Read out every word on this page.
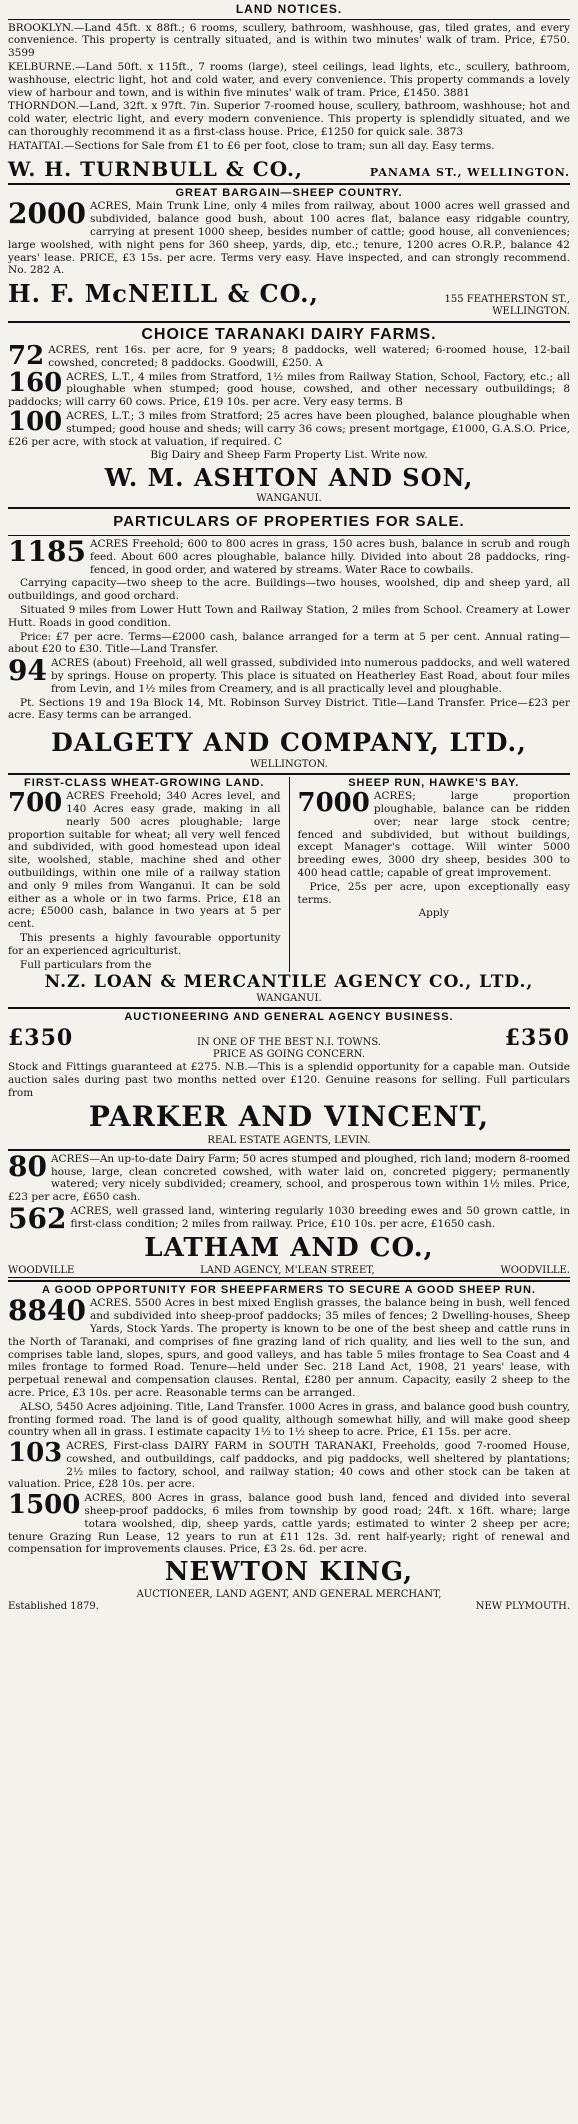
LAND NOTICES.

BROOKLYN.—Land 45ft. x 88ft.; 6 rooms, scullery, bathroom, washhouse, gas, tiled grates, and every convenience. This property is centrally situated, and is within two minutes' walk of tram. Price, £750. 3599

KELBURNE.—Land 50ft. x 115ft., 7 rooms (large), steel ceilings, lead lights, etc., scullery, bathroom, washhouse, electric light, hot and cold water, and every convenience. This property commands a lovely view of harbour and town, and is within five minutes' walk of tram. Price, £1450. 3881

THORNDON.—Land, 32ft. x 97ft. 7in. Superior 7-roomed house, scullery, bathroom, washhouse; hot and cold water, electric light, and every modern convenience. This property is splendidly situated, and we can thoroughly recommend it as a first-class house. Price, £1250 for quick sale. 3873

HATAITAI.—Sections for Sale from £1 to £6 per foot, close to tram; sun all day. Easy terms.

W. H. TURNBULL & CO.,	PANAMA ST., WELLINGTON.
GREAT BARGAIN—SHEEP COUNTRY.
2000 ACRES, Main Trunk Line, only 4 miles from railway, about 1000 acres well grassed and subdivided, balance good bush, about 100 acres flat, balance easy ridgable country, carrying at present 1000 sheep, besides number of cattle; good house, all conveniences; large woolshed, with night pens for 360 sheep, yards, dip, etc.; tenure, 1200 acres O.R.P., balance 42 years' lease. PRICE, £3 15s. per acre. Terms very easy. Have inspected, and can strongly recommend. No. 282 A.

H. F. McNEILL & CO.,	155 FEATHERSTON ST.,
WELLINGTON.
CHOICE TARANAKI DAIRY FARMS.
72 ACRES, rent 16s. per acre, for 9 years; 8 paddocks, well watered; 6-roomed house, 12-bail cowshed, concreted; 8 paddocks. Goodwill, £250. A

160 ACRES, L.T., 4 miles from Stratford, 1½ miles from Railway Station, School, Factory, etc.; all ploughable when stumped; good house, cowshed, and other necessary outbuildings; 8 paddocks; will carry 60 cows. Price, £19 10s. per acre. Very easy terms. B

100 ACRES, L.T.; 3 miles from Stratford; 25 acres have been ploughed, balance ploughable when stumped; good house and sheds; will carry 36 cows; present mortgage, £1000, G.A.S.O. Price, £26 per acre, with stock at valuation, if required. C

Big Dairy and Sheep Farm Property List. Write now.

W. M. ASHTON AND SON,
WANGANUI.
PARTICULARS OF PROPERTIES FOR SALE.
1185 ACRES Freehold; 600 to 800 acres in grass, 150 acres bush, balance in scrub and rough feed. About 600 acres ploughable, balance hilly. Divided into about 28 paddocks, ring-fenced, in good order, and watered by streams. Water Race to cowbails.

Carrying capacity—two sheep to the acre. Buildings—two houses, woolshed, dip and sheep yard, all outbuildings, and good orchard.

Situated 9 miles from Lower Hutt Town and Railway Station, 2 miles from School. Creamery at Lower Hutt. Roads in good condition.

Price: £7 per acre. Terms—£2000 cash, balance arranged for a term at 5 per cent. Annual rating—about £20 to £30. Title—Land Transfer.

94 ACRES (about) Freehold, all well grassed, subdivided into numerous paddocks, and well watered by springs. House on property. This place is situated on Heatherley East Road, about four miles from Levin, and 1½ miles from Creamery, and is all practically level and ploughable.

Pt. Sections 19 and 19a Block 14, Mt. Robinson Survey District. Title—Land Transfer. Price—£23 per acre. Easy terms can be arranged.

DALGETY AND COMPANY, LTD.,
WELLINGTON.
FIRST-CLASS WHEAT-GROWING LAND.
700 ACRES Freehold; 340 Acres level, and 140 Acres easy grade, making in all nearly 500 acres ploughable; large proportion suitable for wheat; all very well fenced and subdivided, with good homestead upon ideal site, woolshed, stable, machine shed and other outbuildings, within one mile of a railway station and only 9 miles from Wanganui. It can be sold either as a whole or in two farms. Price, £18 an acre; £5000 cash, balance in two years at 5 per cent.

This presents a highly favourable opportunity for an experienced agriculturist.

Full particulars from the

SHEEP RUN, HAWKE'S BAY.
7000 ACRES; large proportion ploughable, balance can be ridden over; near large stock centre; fenced and subdivided, but without buildings, except Manager's cottage. Will winter 5000 breeding ewes, 3000 dry sheep, besides 300 to 400 head cattle; capable of great improvement.

Price, 25s per acre, upon exceptionally easy terms.

Apply

N.Z. LOAN & MERCANTILE AGENCY CO., LTD.,
WANGANUI.
AUCTIONEERING AND GENERAL AGENCY BUSINESS.
£350	IN ONE OF THE BEST N.I. TOWNS.
PRICE AS GOING CONCERN.
£350

Stock and Fittings guaranteed at £275. N.B.—This is a splendid opportunity for a capable man. Outside auction sales during past two months netted over £120. Genuine reasons for selling. Full particulars from

PARKER AND VINCENT,
REAL ESTATE AGENTS, LEVIN.
80 ACRES—An up-to-date Dairy Farm; 50 acres stumped and ploughed, rich land; modern 8-roomed house, large, clean concreted cowshed, with water laid on, concreted piggery; permanently watered; very nicely subdivided; creamery, school, and prosperous town within 1½ miles. Price, £23 per acre, £650 cash.

562 ACRES, well grassed land, wintering regularly 1030 breeding ewes and 50 grown cattle, in first-class condition; 2 miles from railway. Price, £10 10s. per acre, £1650 cash.

LATHAM AND CO.,
WOODVILLE	LAND AGENCY, M'LEAN STREET,	WOODVILLE.
A GOOD OPPORTUNITY FOR SHEEPFARMERS TO SECURE A GOOD SHEEP RUN.
8840 ACRES. 5500 Acres in best mixed English grasses, the balance being in bush, well fenced and subdivided into sheep-proof paddocks; 35 miles of fences; 2 Dwelling-houses, Sheep Yards, Stock Yards. The property is known to be one of the best sheep and cattle runs in the North of Taranaki, and comprises of fine grazing land of rich quality, and lies well to the sun, and comprises table land, slopes, spurs, and good valleys, and has table 5 miles frontage to Sea Coast and 4 miles frontage to formed Road. Tenure—held under Sec. 218 Land Act, 1908, 21 years' lease, with perpetual renewal and compensation clauses. Rental, £280 per annum. Capacity, easily 2 sheep to the acre. Price, £3 10s. per acre. Reasonable terms can be arranged.

ALSO, 5450 Acres adjoining. Title, Land Transfer. 1000 Acres in grass, and balance good bush country, fronting formed road. The land is of good quality, although somewhat hilly, and will make good sheep country when all in grass. I estimate capacity 1½ to 1½ sheep to acre. Price, £1 15s. per acre.

103 ACRES, First-class DAIRY FARM in SOUTH TARANAKI, Freeholds, good 7-roomed House, cowshed, and outbuildings, calf paddocks, and pig paddocks, well sheltered by plantations; 2½ miles to factory, school, and railway station; 40 cows and other stock can be taken at valuation. Price, £28 10s. per acre.

1500 ACRES, 800 Acres in grass, balance good bush land, fenced and divided into several sheep-proof paddocks, 6 miles from township by good road; 24ft. x 16ft. whare; large totara woolshed, dip, sheep yards, cattle yards; estimated to winter 2 sheep per acre; tenure Grazing Run Lease, 12 years to run at £11 12s. 3d. rent half-yearly; right of renewal and compensation for improvements clauses. Price, £3 2s. 6d. per acre.

NEWTON KING,
AUCTIONEER, LAND AGENT, AND GENERAL MERCHANT,
Established 1879.	NEW PLYMOUTH.
